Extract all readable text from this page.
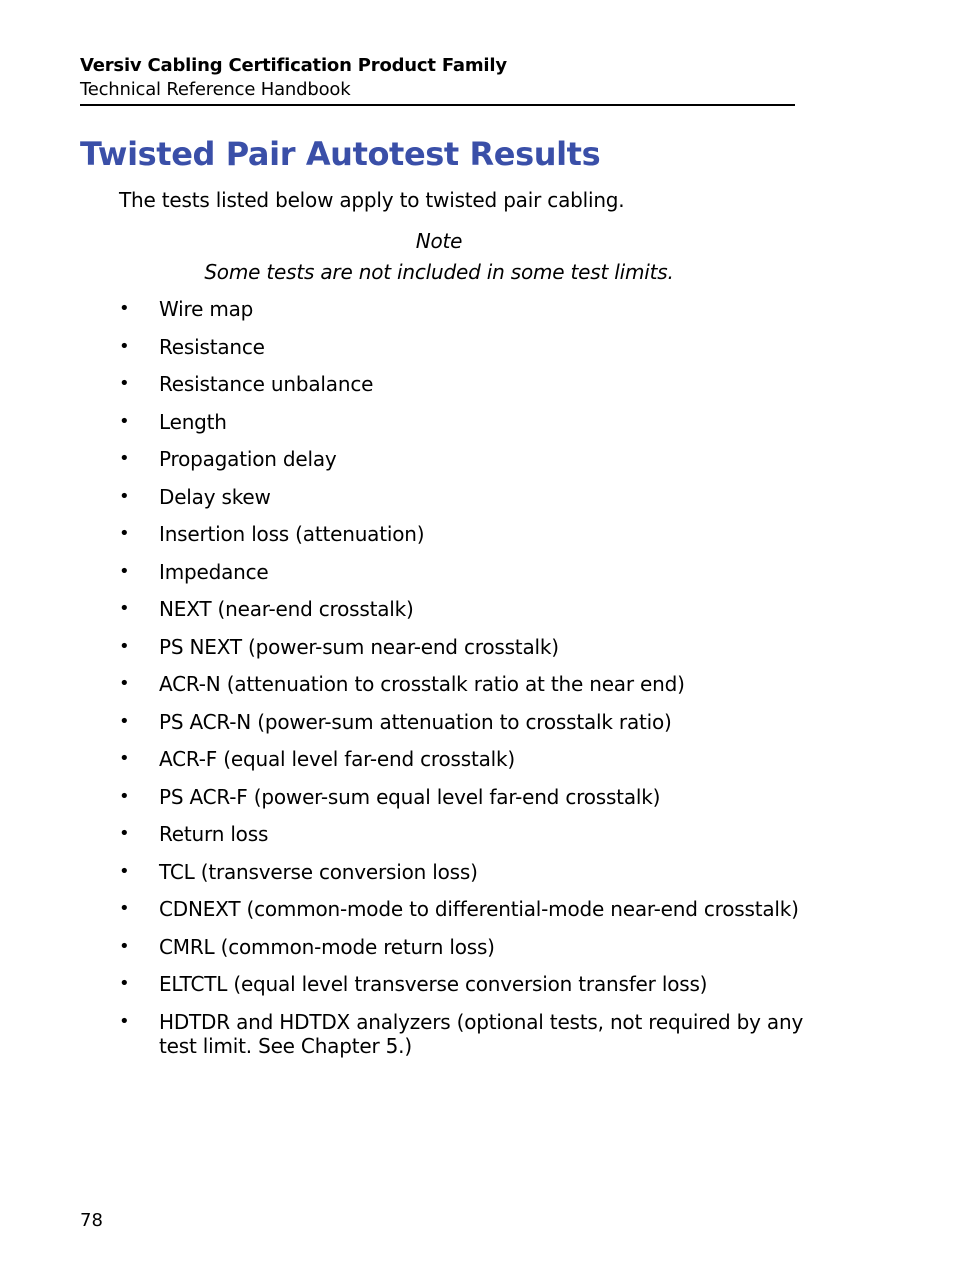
Versiv Cabling Certification Product Family
Technical Reference Handbook
Twisted Pair Autotest Results

The tests listed below apply to twisted pair cabling.

Note
Some tests are not included in some test limits.
• Wire map
• Resistance
• Resistance unbalance
• Length
• Propagation delay
• Delay skew
• Insertion loss (attenuation)
• Impedance
• NEXT (near-end crosstalk)
• PS NEXT (power-sum near-end crosstalk)
• ACR-N (attenuation to crosstalk ratio at the near end)
• PS ACR-N (power-sum attenuation to crosstalk ratio)
• ACR-F (equal level far-end crosstalk)
• PS ACR-F (power-sum equal level far-end crosstalk)
• Return loss
• TCL (transverse conversion loss)
• CDNEXT (common-mode to differential-mode near-end crosstalk)
• CMRL (common-mode return loss)
• ELTCTL (equal level transverse conversion transfer loss)
• HDTDR and HDTDX analyzers (optional tests, not required by any test limit. See Chapter 5.)
78
